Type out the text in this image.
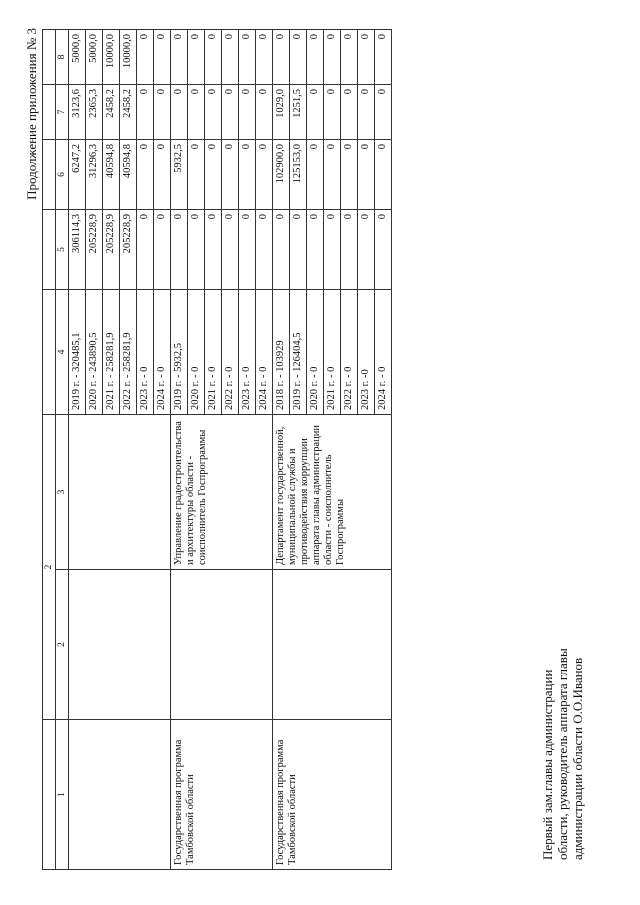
Продолжение приложения № 3
	2						
1	2	3	4	5	6	7	8
			2019 г. - 320485,1	306114,3	6247,2	3123,6	5000,0
			2020 г. - 243890,5	205228,9	31296,3	2365,3	5000,0
			2021 г. - 258281,9	205228,9	40594,8	2458,2	10000,0
			2022 г. - 258281,9	205228,9	40594,8	2458,2	10000,0
			2023 г. - 0	0	0	0	0
			2024 г. - 0	0	0	0	0
Государственная программа Тамбовской области		Управление градостроительства и архитектуры области - соисполнитель Госпрограммы	2019 г. - 5932,5	0	5932,5	0	0
			2020 г. - 0	0	0	0	0
			2021 г. - 0	0	0	0	0
			2022 г. - 0	0	0	0	0
			2023 г. - 0	0	0	0	0
			2024 г. - 0	0	0	0	0
Государственная программа Тамбовской области		Департамент государственной, муниципальной службы и противодействия коррупции аппарата главы администрации области - соисполнитель Госпрограммы	2018 г. - 103929	0	102900,0	1029,0	0
			2019 г. - 126404,5	0	125153,0	1251,5	0
			2020 г. - 0	0	0	0	0
			2021 г. - 0	0	0	0	0
			2022 г. - 0	0	0	0	0
			2023 г. -0	0	0	0	0
			2024 г. - 0	0	0	0	0
Первый зам.главы администрации области, руководитель аппарата главы администрации области О.О.Иванов
